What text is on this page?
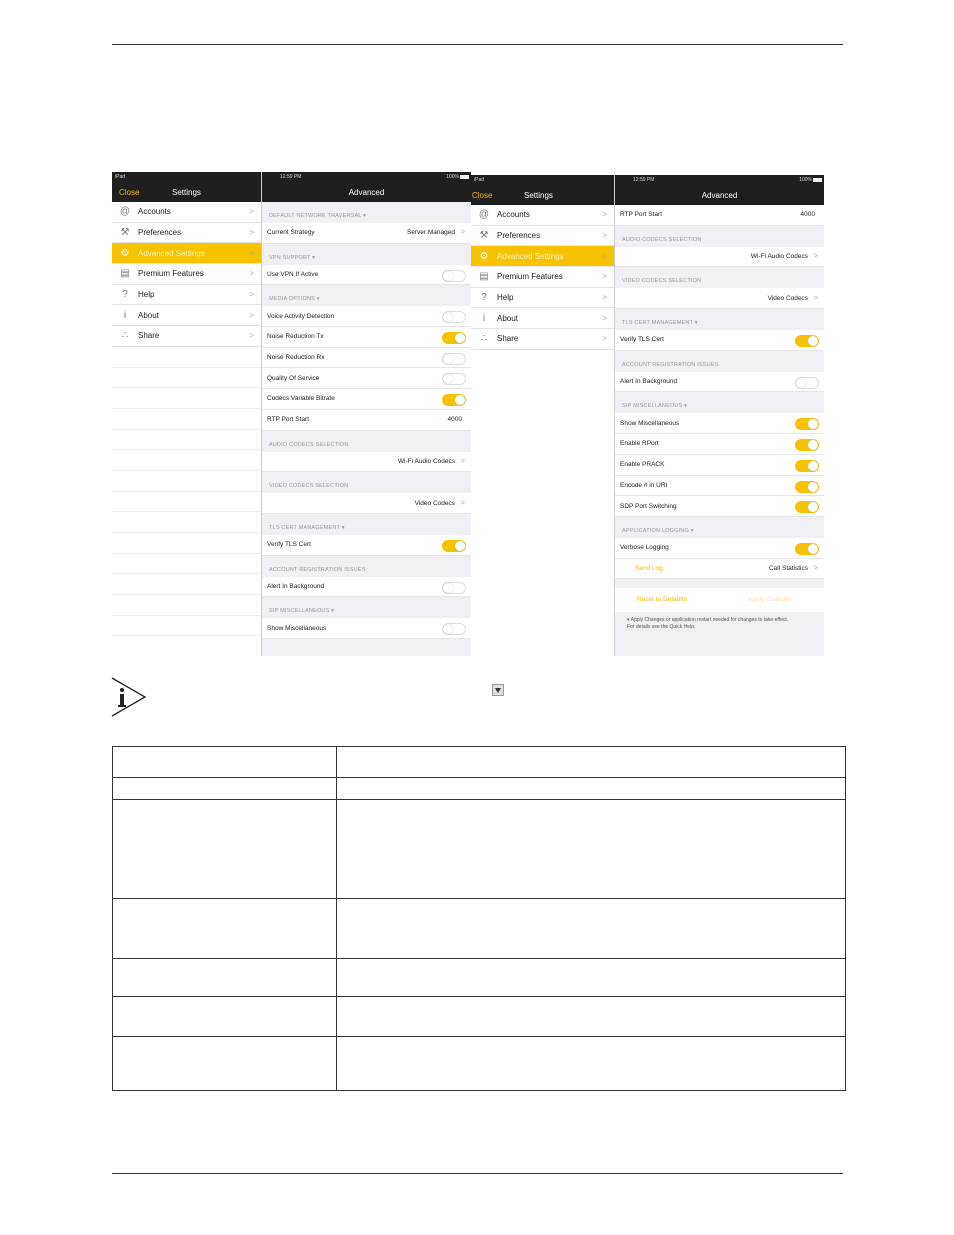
iPad
Close	Settings
@ Accounts	>
⚒	Preferences	>
⚙	Advanced Settings	>
▤	Premium Features	>
?	Help	>
i	About	>
∴	Share	>
12:59 PM	100%
Advanced
DEFAULT NETWORK TRAVERSAL ▾
Current Strategy	Server Managed >
VPN SUPPORT ▾
Use VPN If Active
MEDIA OPTIONS ▾
Voice Activity Detection
Noise Reduction Tx
Noise Reduction Rx
Quality Of Service
Codecs Variable Bitrate
RTP Port Start	4000
AUDIO CODECS SELECTION
Wi-Fi Audio Codecs >
VIDEO CODECS SELECTION
Video Codecs >
TLS CERT MANAGEMENT ▾
Verify TLS Cert
ACCOUNT REGISTRATION ISSUES
Alert In Background
SIP MISCELLANEOUS ▾
Show Miscellaneous
iPad
Close	Settings
@ Accounts	>
⚒	Preferences	>
⚙	Advanced Settings	>
▤	Premium Features	>
?	Help	>
i	About	>
∴	Share	>
12:59 PM	100%
Advanced
RTP Port Start	4000
AUDIO CODECS SELECTION
Wi-Fi Audio Codecs >
VIDEO CODECS SELECTION
Video Codecs >
TLS CERT MANAGEMENT ▾
Verify TLS Cert
ACCOUNT REGISTRATION ISSUES
Alert In Background
SIP MISCELLANEOUS ▾
Show Miscellaneous
Enable RPort
Enable PRACK
Encode # in URI
SDP Port Switching
APPLICATION LOGGING ▾
Verbose Logging
Send Log	Call Statistics >
Reset to Defaults	Apply Changes
▾ Apply Changes or application restart needed for changes to take effect.
For details see the Quick Help.
